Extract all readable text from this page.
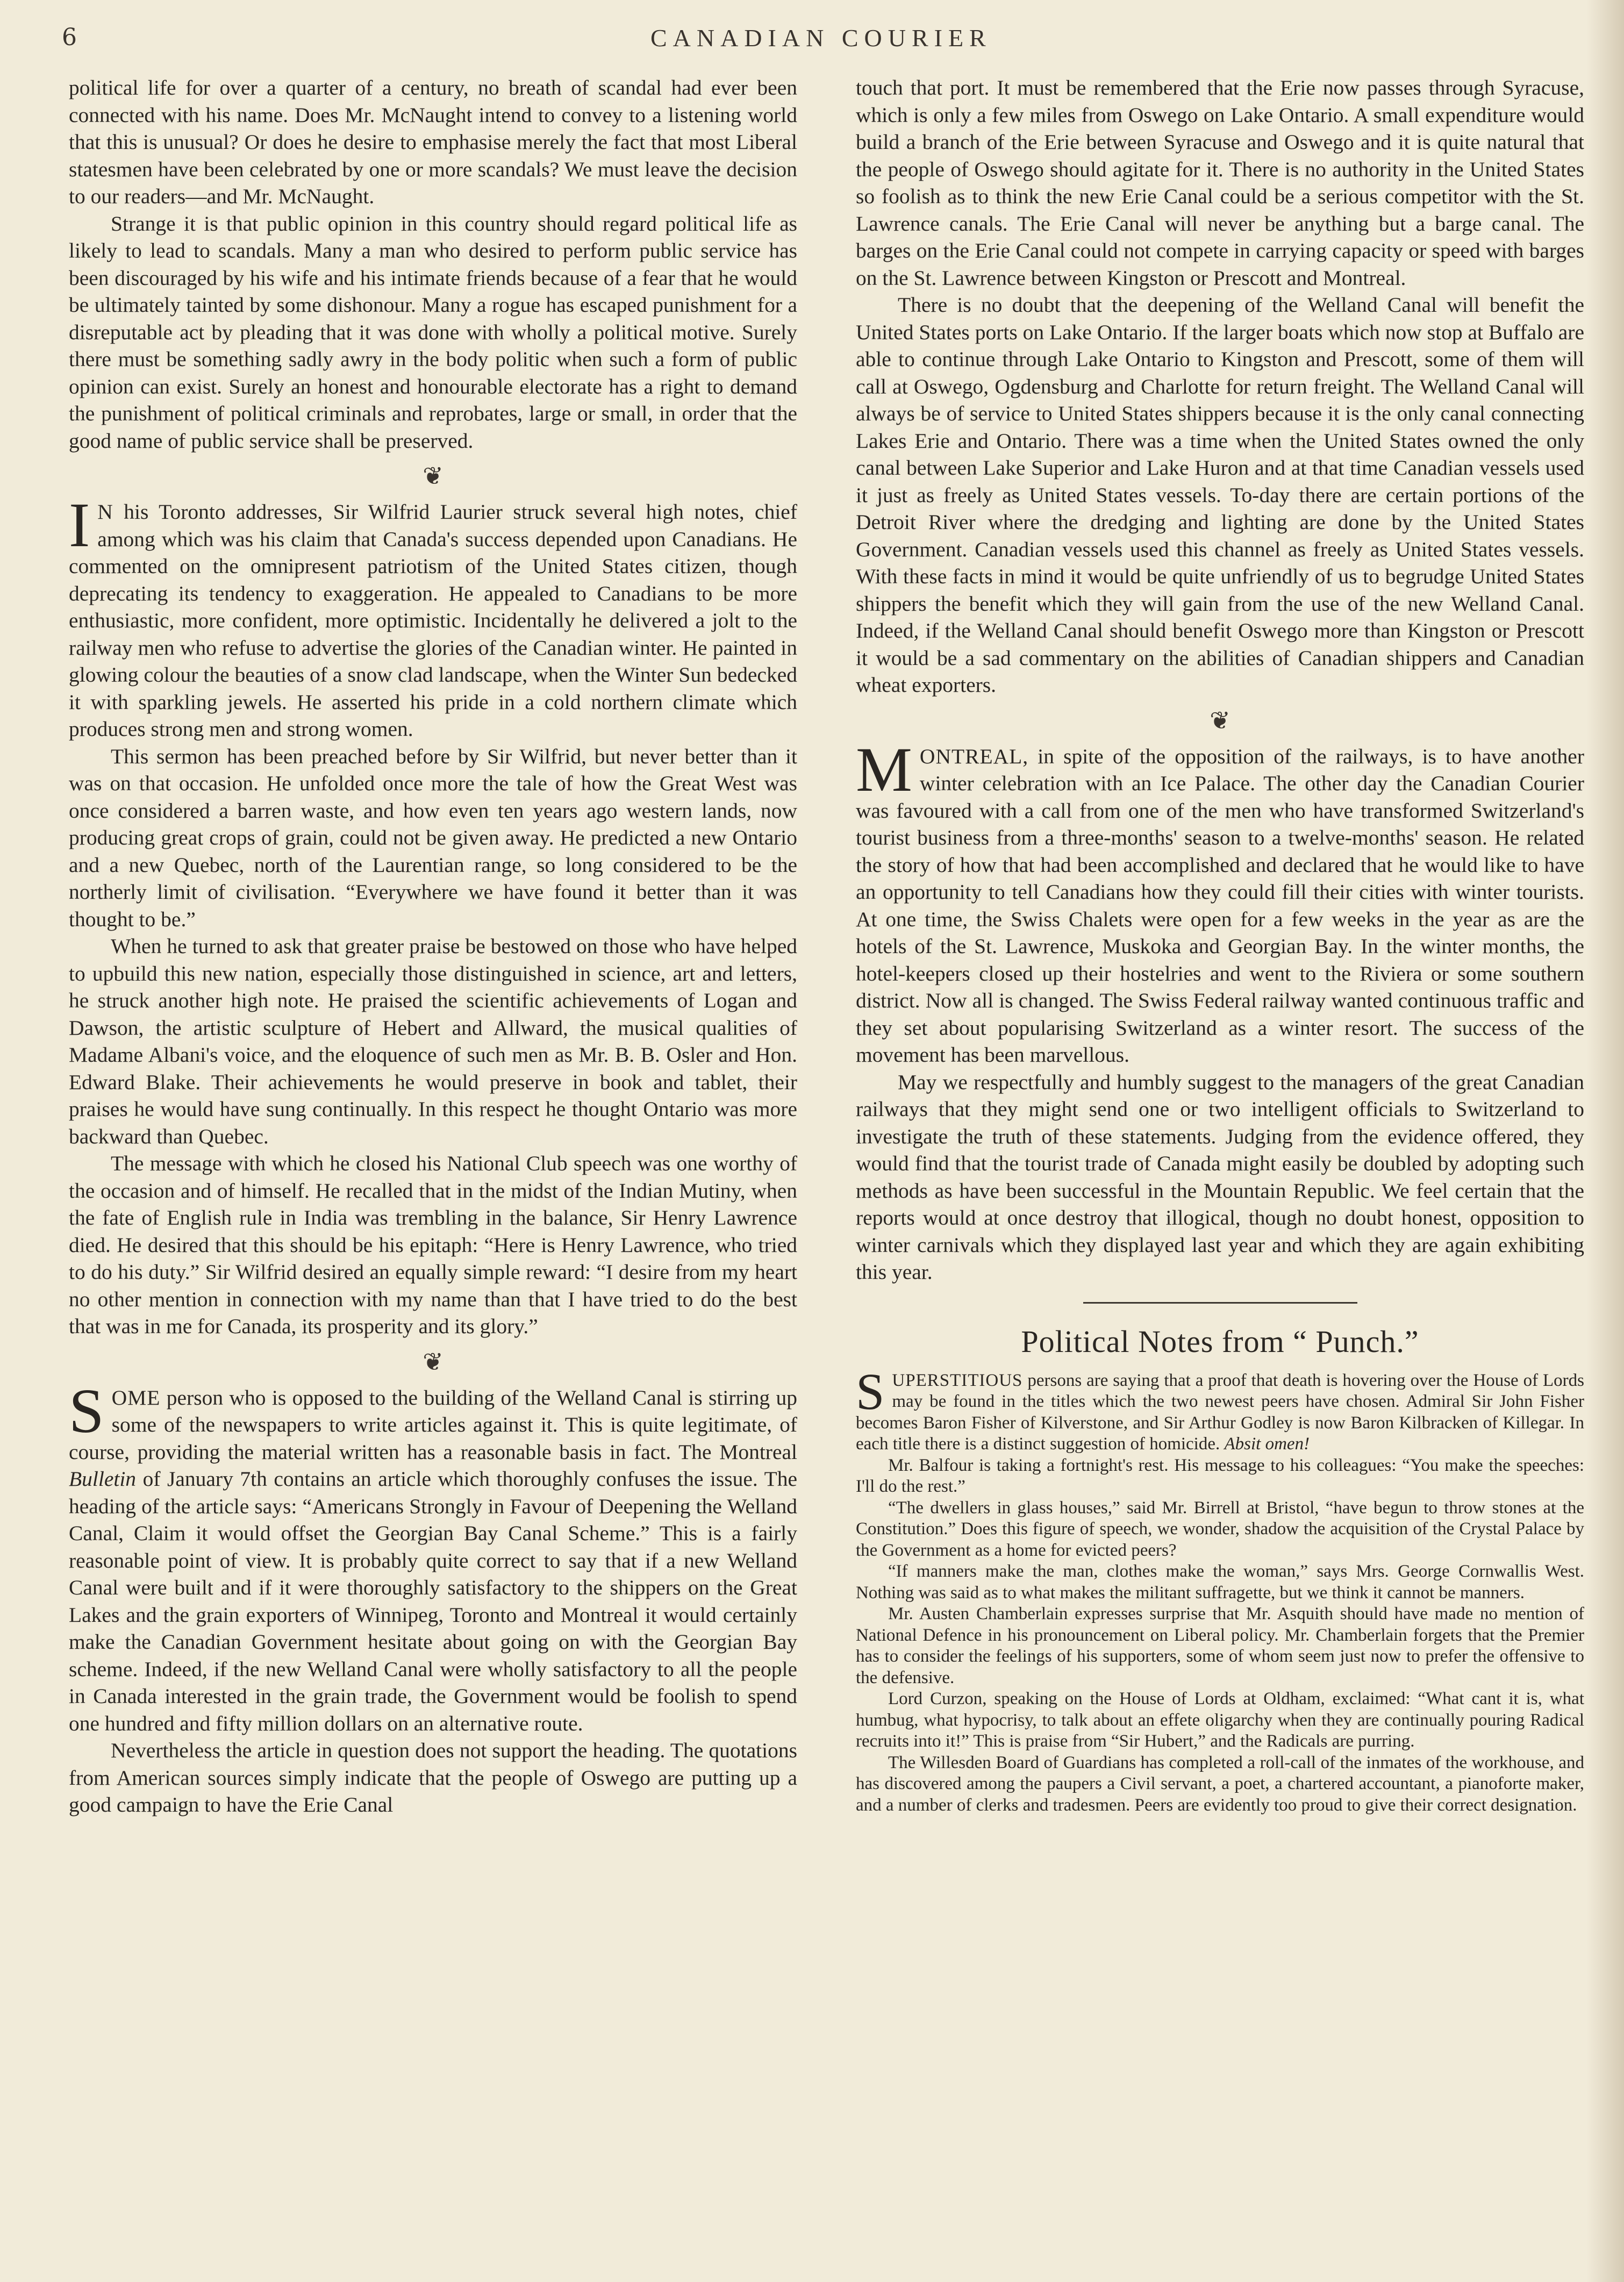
6	CANADIAN COURIER

political life for over a quarter of a century, no breath of scandal had ever been connected with his name. Does Mr. McNaught intend to convey to a listening world that this is unusual? Or does he desire to emphasise merely the fact that most Liberal statesmen have been celebrated by one or more scandals? We must leave the decision to our readers—and Mr. McNaught.

Strange it is that public opinion in this country should regard political life as likely to lead to scandals. Many a man who desired to perform public service has been discouraged by his wife and his intimate friends because of a fear that he would be ultimately tainted by some dishonour. Many a rogue has escaped punishment for a disreputable act by pleading that it was done with wholly a political motive. Surely there must be something sadly awry in the body politic when such a form of public opinion can exist. Surely an honest and honourable electorate has a right to demand the punishment of political criminals and reprobates, large or small, in order that the good name of public service shall be preserved.

❦

I N his Toronto addresses, Sir Wilfrid Laurier struck several high notes, chief among which was his claim that Canada's success depended upon Canadians. He commented on the omnipresent patriotism of the United States citizen, though deprecating its tendency to exaggeration. He appealed to Canadians to be more enthusiastic, more confident, more optimistic. Incidentally he delivered a jolt to the railway men who refuse to advertise the glories of the Canadian winter. He painted in glowing colour the beauties of a snow clad landscape, when the Winter Sun bedecked it with sparkling jewels. He asserted his pride in a cold northern climate which produces strong men and strong women.

This sermon has been preached before by Sir Wilfrid, but never better than it was on that occasion. He unfolded once more the tale of how the Great West was once considered a barren waste, and how even ten years ago western lands, now producing great crops of grain, could not be given away. He predicted a new Ontario and a new Quebec, north of the Laurentian range, so long considered to be the northerly limit of civilisation. “Everywhere we have found it better than it was thought to be.”

When he turned to ask that greater praise be bestowed on those who have helped to upbuild this new nation, especially those distinguished in science, art and letters, he struck another high note. He praised the scientific achievements of Logan and Dawson, the artistic sculpture of Hebert and Allward, the musical qualities of Madame Albani's voice, and the eloquence of such men as Mr. B. B. Osler and Hon. Edward Blake. Their achievements he would preserve in book and tablet, their praises he would have sung continually. In this respect he thought Ontario was more backward than Quebec.

The message with which he closed his National Club speech was one worthy of the occasion and of himself. He recalled that in the midst of the Indian Mutiny, when the fate of English rule in India was trembling in the balance, Sir Henry Lawrence died. He desired that this should be his epitaph: “Here is Henry Lawrence, who tried to do his duty.” Sir Wilfrid desired an equally simple reward: “I desire from my heart no other mention in connection with my name than that I have tried to do the best that was in me for Canada, its prosperity and its glory.”

❦

SOME person who is opposed to the building of the Welland Canal is stirring up some of the newspapers to write articles against it. This is quite legitimate, of course, providing the material written has a reasonable basis in fact. The Montreal Bulletin of January 7th contains an article which thoroughly confuses the issue. The heading of the article says: “Americans Strongly in Favour of Deepening the Welland Canal, Claim it would offset the Georgian Bay Canal Scheme.” This is a fairly reasonable point of view. It is probably quite correct to say that if a new Welland Canal were built and if it were thoroughly satisfactory to the shippers on the Great Lakes and the grain exporters of Winnipeg, Toronto and Montreal it would certainly make the Canadian Government hesitate about going on with the Georgian Bay scheme. Indeed, if the new Welland Canal were wholly satisfactory to all the people in Canada interested in the grain trade, the Government would be foolish to spend one hundred and fifty million dollars on an alternative route.

Nevertheless the article in question does not support the heading. The quotations from American sources simply indicate that the people of Oswego are putting up a good campaign to have the Erie Canal

touch that port. It must be remembered that the Erie now passes through Syracuse, which is only a few miles from Oswego on Lake Ontario. A small expenditure would build a branch of the Erie between Syracuse and Oswego and it is quite natural that the people of Oswego should agitate for it. There is no authority in the United States so foolish as to think the new Erie Canal could be a serious competitor with the St. Lawrence canals. The Erie Canal will never be anything but a barge canal. The barges on the Erie Canal could not compete in carrying capacity or speed with barges on the St. Lawrence between Kingston or Prescott and Montreal.

There is no doubt that the deepening of the Welland Canal will benefit the United States ports on Lake Ontario. If the larger boats which now stop at Buffalo are able to continue through Lake Ontario to Kingston and Prescott, some of them will call at Oswego, Ogdensburg and Charlotte for return freight. The Welland Canal will always be of service to United States shippers because it is the only canal connecting Lakes Erie and Ontario. There was a time when the United States owned the only canal between Lake Superior and Lake Huron and at that time Canadian vessels used it just as freely as United States vessels. To-day there are certain portions of the Detroit River where the dredging and lighting are done by the United States Government. Canadian vessels used this channel as freely as United States vessels. With these facts in mind it would be quite unfriendly of us to begrudge United States shippers the benefit which they will gain from the use of the new Welland Canal. Indeed, if the Welland Canal should benefit Oswego more than Kingston or Prescott it would be a sad commentary on the abilities of Canadian shippers and Canadian wheat exporters.

❦

MONTREAL, in spite of the opposition of the railways, is to have another winter celebration with an Ice Palace. The other day the Canadian Courier was favoured with a call from one of the men who have transformed Switzerland's tourist business from a three-months' season to a twelve-months' season. He related the story of how that had been accomplished and declared that he would like to have an opportunity to tell Canadians how they could fill their cities with winter tourists. At one time, the Swiss Chalets were open for a few weeks in the year as are the hotels of the St. Lawrence, Muskoka and Georgian Bay. In the winter months, the hotel-keepers closed up their hostelries and went to the Riviera or some southern district. Now all is changed. The Swiss Federal railway wanted continuous traffic and they set about popularising Switzerland as a winter resort. The success of the movement has been marvellous.

May we respectfully and humbly suggest to the managers of the great Canadian railways that they might send one or two intelligent officials to Switzerland to investigate the truth of these statements. Judging from the evidence offered, they would find that the tourist trade of Canada might easily be doubled by adopting such methods as have been successful in the Mountain Republic. We feel certain that the reports would at once destroy that illogical, though no doubt honest, opposition to winter carnivals which they displayed last year and which they are again exhibiting this year.

Political Notes from “ Punch.”

SUPERSTITIOUS persons are saying that a proof that death is hovering over the House of Lords may be found in the titles which the two newest peers have chosen. Admiral Sir John Fisher becomes Baron Fisher of Kilverstone, and Sir Arthur Godley is now Baron Kilbracken of Killegar. In each title there is a distinct suggestion of homicide. Absit omen!

Mr. Balfour is taking a fortnight's rest. His message to his colleagues: “You make the speeches: I'll do the rest.”

“The dwellers in glass houses,” said Mr. Birrell at Bristol, “have begun to throw stones at the Constitution.” Does this figure of speech, we wonder, shadow the acquisition of the Crystal Palace by the Government as a home for evicted peers?

“If manners make the man, clothes make the woman,” says Mrs. George Cornwallis West. Nothing was said as to what makes the militant suffragette, but we think it cannot be manners.

Mr. Austen Chamberlain expresses surprise that Mr. Asquith should have made no mention of National Defence in his pronouncement on Liberal policy. Mr. Chamberlain forgets that the Premier has to consider the feelings of his supporters, some of whom seem just now to prefer the offensive to the defensive.

Lord Curzon, speaking on the House of Lords at Oldham, exclaimed: “What cant it is, what humbug, what hypocrisy, to talk about an effete oligarchy when they are continually pouring Radical recruits into it!” This is praise from “Sir Hubert,” and the Radicals are purring.

The Willesden Board of Guardians has completed a roll-call of the inmates of the workhouse, and has discovered among the paupers a Civil servant, a poet, a chartered accountant, a pianoforte maker, and a number of clerks and tradesmen. Peers are evidently too proud to give their correct designation.
